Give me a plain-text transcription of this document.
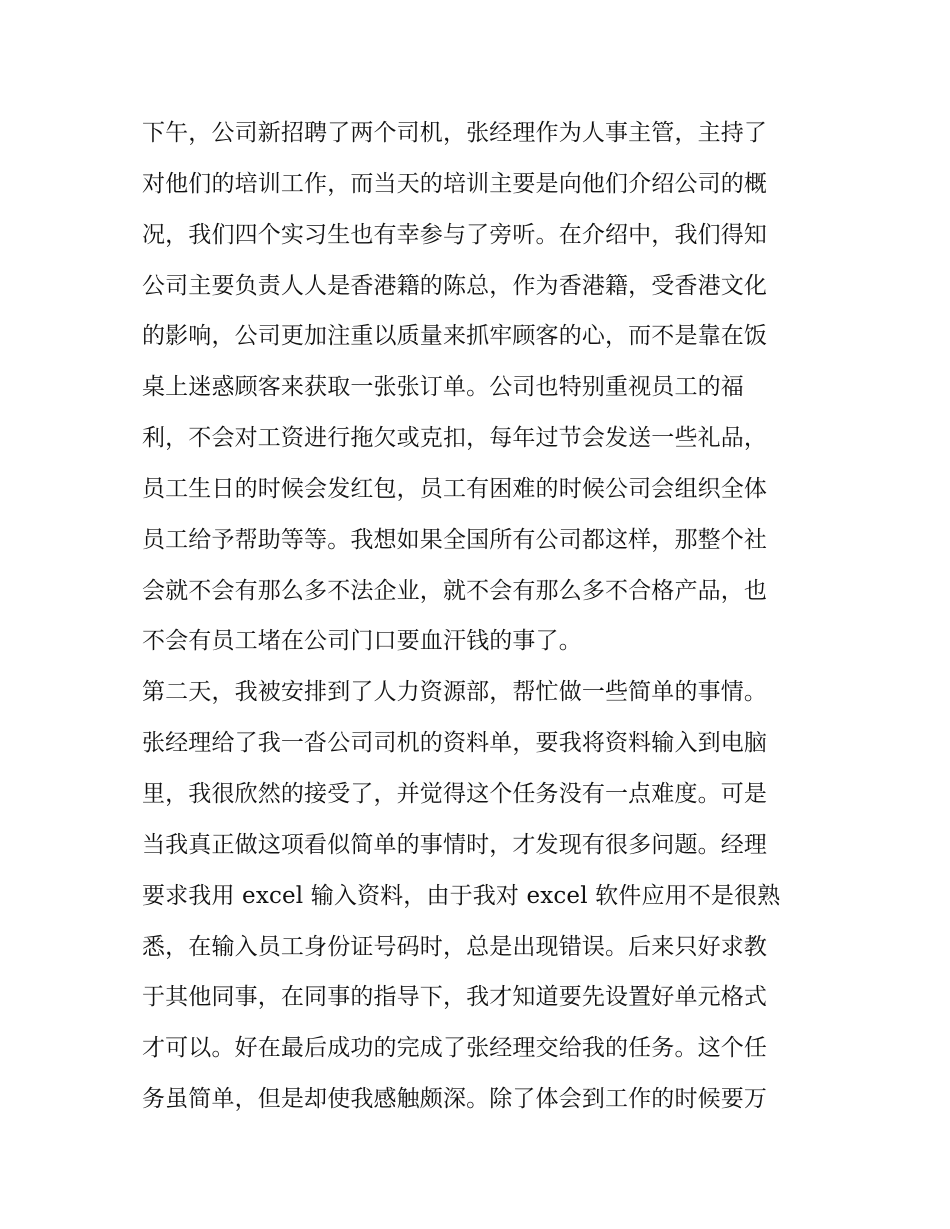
下午，公司新招聘了两个司机，张经理作为人事主管，主持了
对他们的培训工作，而当天的培训主要是向他们介绍公司的概
况，我们四个实习生也有幸参与了旁听。在介绍中，我们得知
公司主要负责人人是香港籍的陈总，作为香港籍，受香港文化
的影响，公司更加注重以质量来抓牢顾客的心，而不是靠在饭
桌上迷惑顾客来获取一张张订单。公司也特别重视员工的福
利，不会对工资进行拖欠或克扣，每年过节会发送一些礼品，
员工生日的时候会发红包，员工有困难的时候公司会组织全体
员工给予帮助等等。我想如果全国所有公司都这样，那整个社
会就不会有那么多不法企业，就不会有那么多不合格产品，也
不会有员工堵在公司门口要血汗钱的事了。
第二天，我被安排到了人力资源部，帮忙做一些简单的事情。
张经理给了我一沓公司司机的资料单，要我将资料输入到电脑
里，我很欣然的接受了，并觉得这个任务没有一点难度。可是
当我真正做这项看似简单的事情时，才发现有很多问题。经理
要求我用 excel 输入资料，由于我对 excel 软件应用不是很熟
悉，在输入员工身份证号码时，总是出现错误。后来只好求教
于其他同事，在同事的指导下，我才知道要先设置好单元格式
才可以。好在最后成功的完成了张经理交给我的任务。这个任
务虽简单，但是却使我感触颇深。除了体会到工作的时候要万
